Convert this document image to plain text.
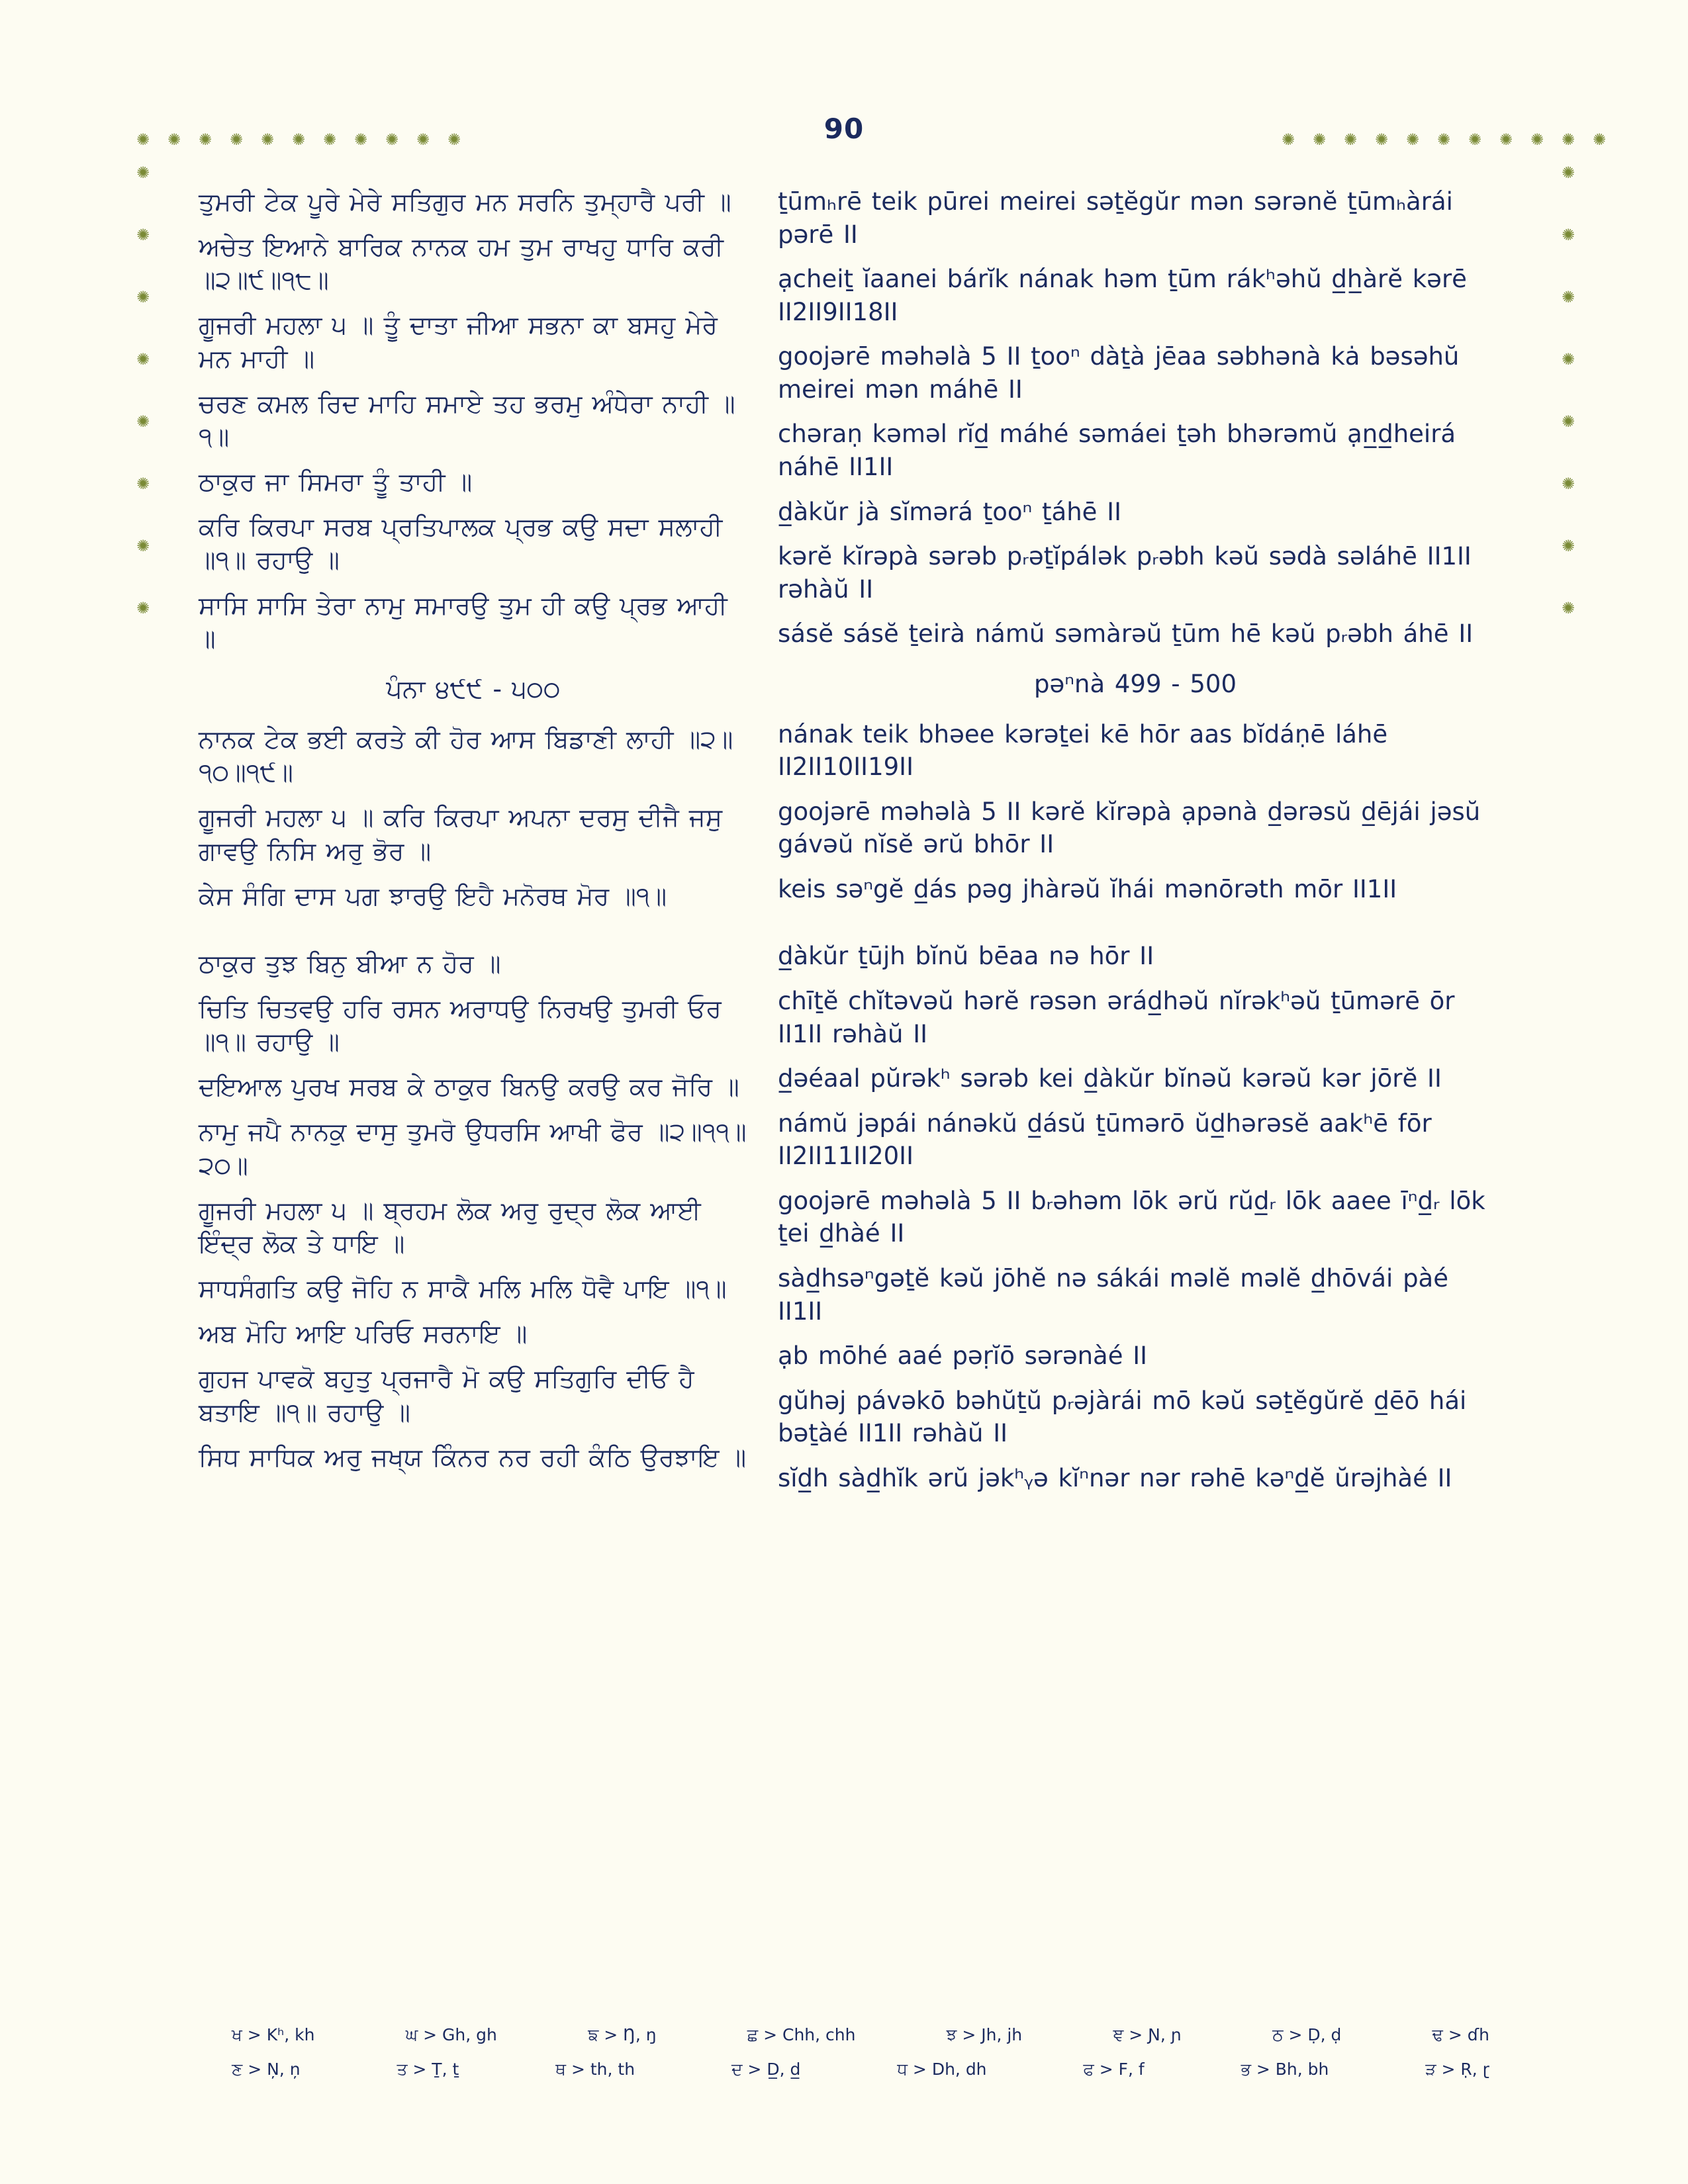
90
✺
✺
✺
✺
✺
✺
✺
✺
✺
✺
✺
✺
✺
✺
✺
✺
✺
✺
✺
✺
✺
✺
✺
✺
✺
✺
✺
✺
✺
✺
✺
✺
✺
✺
✺
✺
✺
✺
ਤੁਮਰੀ ਟੇਕ ਪੂਰੇ ਮੇਰੇ ਸਤਿਗੁਰ ਮਨ ਸਰਨਿ ਤੁਮ੍ਹਾਰੈ ਪਰੀ ॥
ਅਚੇਤ ਇਆਨੇ ਬਾਰਿਕ ਨਾਨਕ ਹਮ ਤੁਮ ਰਾਖਹੁ ਧਾਰਿ ਕਰੀ ॥੨॥੯॥੧੮॥
ਗੂਜਰੀ ਮਹਲਾ ੫ ॥ ਤੂੰ ਦਾਤਾ ਜੀਆ ਸਭਨਾ ਕਾ ਬਸਹੁ ਮੇਰੇ ਮਨ ਮਾਹੀ ॥
ਚਰਣ ਕਮਲ ਰਿਦ ਮਾਹਿ ਸਮਾਏ ਤਹ ਭਰਮੁ ਅੰਧੇਰਾ ਨਾਹੀ ॥੧॥
ਠਾਕੁਰ ਜਾ ਸਿਮਰਾ ਤੂੰ ਤਾਹੀ ॥
ਕਰਿ ਕਿਰਪਾ ਸਰਬ ਪ੍ਰਤਿਪਾਲਕ ਪ੍ਰਭ ਕਉ ਸਦਾ ਸਲਾਹੀ ॥੧॥ ਰਹਾਉ ॥
ਸਾਸਿ ਸਾਸਿ ਤੇਰਾ ਨਾਮੁ ਸਮਾਰਉ ਤੁਮ ਹੀ ਕਉ ਪ੍ਰਭ ਆਹੀ ॥
ਪੰਨਾ ੪੯੯ - ੫੦੦
ਨਾਨਕ ਟੇਕ ਭਈ ਕਰਤੇ ਕੀ ਹੋਰ ਆਸ ਬਿਡਾਣੀ ਲਾਹੀ ॥੨॥੧੦॥੧੯॥
ਗੂਜਰੀ ਮਹਲਾ ੫ ॥ ਕਰਿ ਕਿਰਪਾ ਅਪਨਾ ਦਰਸੁ ਦੀਜੈ ਜਸੁ ਗਾਵਉ ਨਿਸਿ ਅਰੁ ਭੋਰ ॥
ਕੇਸ ਸੰਗਿ ਦਾਸ ਪਗ ਝਾਰਉ ਇਹੈ ਮਨੋਰਥ ਮੋਰ ॥੧॥
ਠਾਕੁਰ ਤੁਝ ਬਿਨੁ ਬੀਆ ਨ ਹੋਰ ॥
ਚਿਤਿ ਚਿਤਵਉ ਹਰਿ ਰਸਨ ਅਰਾਧਉ ਨਿਰਖਉ ਤੁਮਰੀ ਓਰ ॥੧॥ ਰਹਾਉ ॥
ਦਇਆਲ ਪੁਰਖ ਸਰਬ ਕੇ ਠਾਕੁਰ ਬਿਨਉ ਕਰਉ ਕਰ ਜੋਰਿ ॥
ਨਾਮੁ ਜਪੈ ਨਾਨਕੁ ਦਾਸੁ ਤੁਮਰੋ ਉਧਰਸਿ ਆਖੀ ਫੋਰ ॥੨॥੧੧॥੨੦॥
ਗੂਜਰੀ ਮਹਲਾ ੫ ॥ ਬ੍ਰਹਮ ਲੋਕ ਅਰੁ ਰੁਦ੍ਰ ਲੋਕ ਆਈ ਇੰਦ੍ਰ ਲੋਕ ਤੇ ਧਾਇ ॥
ਸਾਧਸੰਗਤਿ ਕਉ ਜੋਹਿ ਨ ਸਾਕੈ ਮਲਿ ਮਲਿ ਧੋਵੈ ਪਾਇ ॥੧॥
ਅਬ ਮੋਹਿ ਆਇ ਪਰਿਓ ਸਰਨਾਇ ॥
ਗੁਹਜ ਪਾਵਕੋ ਬਹੁਤੁ ਪ੍ਰਜਾਰੈ ਮੋ ਕਉ ਸਤਿਗੁਰਿ ਦੀਓ ਹੈ ਬਤਾਇ ॥੧॥ ਰਹਾਉ ॥
ਸਿਧ ਸਾਧਿਕ ਅਰੁ ਜਖ੍ਯ ਕਿੰਨਰ ਨਰ ਰਹੀ ਕੰਠਿ ਉਰਝਾਇ ॥
ṯūmₕrē teik pūrei meirei səṯĕgŭr mən sərənĕ ṯūmₕàrái pərē II
ạcheiṯ ĭaanei bárĭk nának həm ṯūm rákʰəhŭ d̲h̲àrĕ kərē II2II9II18II
goojərē məhəlà 5 II ṯooⁿ dàṯà jēaa səbhənà kȧ bəsəhŭ meirei mən máhē II
chəraṇ kəməl rĭd̲ máhé səmáei ṯəh bhərəmŭ ạn̲d̲heirá náhē II1II
d̲àkŭr jà sĭmərá ṯooⁿ ṯáhē II
kərĕ kĭrəpà sərəb pᵣəṯĭpálək pᵣəbh kəŭ sədà səláhē II1II rəhàŭ II
sásĕ sásĕ ṯeirà námŭ səmàrəŭ ṯūm hē kəŭ pᵣəbh áhē II
pəⁿnà 499 - 500
nának teik bhəee kərəṯei kē hōr aas bĭdáṇē láhē II2II10II19II
goojərē məhəlà 5 II kərĕ kĭrəpà ạpənà d̲ərəsŭ d̲ējái jəsŭ gávəŭ nĭsĕ ərŭ bhōr II
keis səⁿgĕ d̲ás pəg jhàrəŭ ĭhái mənōrəth mōr II1II
d̲àkŭr ṯūjh bĭnŭ bēaa nə hōr II
chīṯĕ chĭtəvəŭ hərĕ rəsən ərád̲həŭ nĭrəkʰəŭ ṯūmərē ōr II1II rəhàŭ II
d̲əéaal pŭrəkʰ sərəb kei d̲àkŭr bĭnəŭ kərəŭ kər jōrĕ II
námŭ jəpái nánəkŭ d̲ásŭ ṯūmərō ŭd̲hərəsĕ aakʰē fōr II2II11II20II
goojərē məhəlà 5 II bᵣəhəm lōk ərŭ rŭd̲ᵣ lōk aaee īⁿd̲ᵣ lōk ṯei d̲hàé II
sàd̲hsəⁿgəṯĕ kəŭ jōhĕ nə sákái məlĕ məlĕ d̲hōvái pàé II1II
ạb mōhé aaé pəṛĭō sərənàé II
gŭhəj pávəkō bəhŭṯŭ pᵣəjàrái mō kəŭ səṯĕgŭrĕ d̲ēō hái bəṯàé II1II rəhàŭ II
sĭd̲h sàd̲hĭk ərŭ jəkʰᵧə kĭⁿnər nər rəhē kəⁿd̲ĕ ŭrəjhàé II
ਖ > Kʰ, kh	ਘ > Gh, gh	ਙ > Ŋ, ŋ	ਛ > Chh, chh	ਝ > Jh, jh	ਞ > Ɲ, ɲ	ਠ > Ḍ, ḍ	ਢ > ɗh
ਣ > Ņ, ņ	ਤ > Ṯ, ṯ	ਥ > th, th	ਦ > D̲, d̲	ਧ > Dh, dh	ਫ > F, f	ਭ > Bh, bh	ੜ > Ṛ, ɽ
